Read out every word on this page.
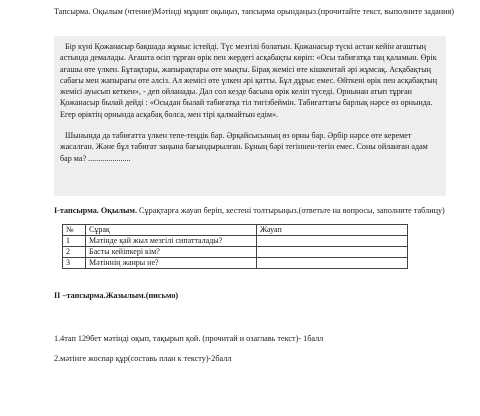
Тапсырма. Оқылым (чтение)Мәтінді мұқият оқыңыз, тапсырма орындаңыз.(прочитайте текст, выполните задания)
Бір күні Қожанасыр бақшада жұмыс істейді. Түс мезгілі болатын. Қожанасыр түскі астан кейін ағаштың астында демалады. Ағашта өсіп тұрған өрік пен жердегі асқабақты көріп: «Осы табиғатқа таң қаламын. Өрік ағашы өте үлкен. Бұтақтары, жапырақтары өте мықты. Бірақ жемісі өте кішкентай әрі жұмсақ. Асқабақтың сабағы мен жапырағы өте әлсіз. Ал жемісі өте үлкен әрі қатты. Бұл дұрыс емес. Өйткені өрік пен асқабақтың жемісі ауысып кеткен», - деп ойланады. Дал сол кезде басына өрік келіп түседі. Орнынан атып тұрған Қожанасыр былай дейді : «Осыдан былай табиғатқа тіл тигізбеймін. Табиғаттағы барлық нәрсе өз орнында. Егер өріктің орнында асқабақ болса, мен тірі қалмайтын едім».
Шынында да табиғатта үлкен тепе-теңдік бар. Әрқайсысының өз орны бар. Әрбір нәрсе өте керемет жасалған. Және бұл табиғат заңына бағындырылған. Бұның бәрі тегіннен-тегін емес. Соны ойланған адам бар ма? .....................
І-тапсырма. Оқылым. Сұрақтарға жауап беріп, кестені толтырыңыз.(ответьте на вопросы, заполните таблицу)
№	Сұрақ	Жауап
1	Мәтінде қай жыл мезгілі сипатталады?	
2	Басты кейіпкері кім?	
3	Мәтіннің жанры не?	
ІІ –тапсырма.Жазылым.(письмо)
1.4тап 129бет мәтінді оқып, тақырып қой. (прочитай и озаглавь текст)- 1балл
2.мәтінге жоспар құр(составь план к тексту)-2балл
